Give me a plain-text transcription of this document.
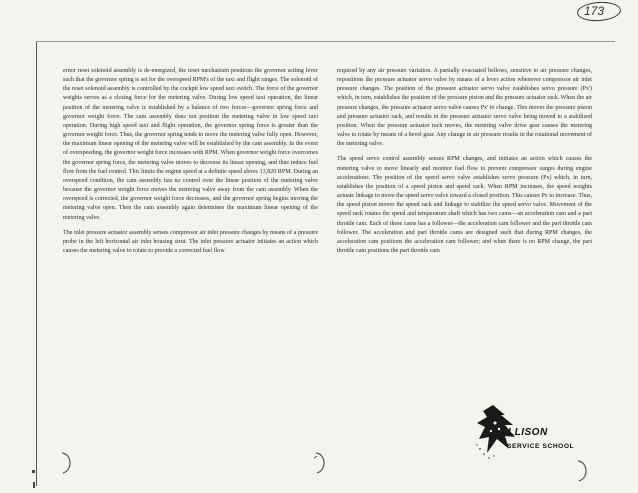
173

ernor reset solenoid assembly is de-energized, the reset mechanism positions the governor setting lever such that the governor spring is set for the overspeed RPM's of the taxi and flight ranges. The solenoid of the reset solenoid assembly is controlled by the cockpit low speed taxi switch. The force of the governor weights serves as a closing force for the metering valve. During low speed taxi operation, the linear position of the metering valve is established by a balance of two forces—governor spring force and governor weight force. The cam assembly does not position the metering valve in low speed taxi operation. During high speed taxi and flight operation, the governor spring force is greater than the governor weight force. Thus, the governor spring tends to move the metering valve fully open. However, the maximum linear opening of the metering valve will be established by the cam assembly. In the event of overspeeding, the governor weight force increases with RPM. When governor weight force overcomes the governor spring force, the metering valve moves to decrease its linear opening, and thus reduce fuel flow from the fuel control. This limits the engine speed at a definite speed above 13,820 RPM. During an overspeed condition, the cam assembly has no control over the linear position of the metering valve because the governor weight force moves the metering valve away from the cam assembly. When the overspeed is corrected, the governor weight force decreases, and the governor spring begins moving the metering valve open. Then the cam assembly again determines the maximum linear opening of the metering valve.

The inlet pressure actuator assembly senses compressor air inlet pressure changes by means of a pressure probe in the left horizontal air inlet housing strut. The inlet pressure actuator initiates an action which causes the metering valve to rotate to provide a corrected fuel flow

required by any air pressure variation. A partially evacuated bellows, sensitive to air pressure changes, repositions the pressure actuator servo valve by means of a lever action whenever compressor air inlet pressure changes. The position of the pressure actuator servo valve establishes servo pressure (Px') which, in turn, establishes the position of the pressure piston and the pressure actuator rack. When the air pressure changes, the pressure actuator servo valve causes Px' to change. This moves the pressure piston and pressure actuator rack, and results in the pressure actuator servo valve being moved to a stabilized position. When the pressure actuator rack moves, the metering valve drive gear causes the metering valve to rotate by means of a bevel gear. Any change in air pressure results in the rotational movement of the metering valve.

The speed servo control assembly senses RPM changes, and initiates an action which causes the metering valve to move linearly and monitor fuel flow to prevent compressor surges during engine accelerations. The position of the speed servo valve establishes servo pressure (Px) which, in turn, establishes the position of a speed piston and speed rack. When RPM increases, the speed weights actuate linkage to move the speed servo valve toward a closed position. This causes Px to increase. Thus, the speed piston moves the speed rack and linkage to stabilize the speed servo valve. Movement of the speed rack rotates the speed and temperature shaft which has two cams—an acceleration cam and a part throttle cam. Each of these cams has a follower—the acceleration cam follower and the part throttle cam follower. The acceleration and part throttle cams are designed such that during RPM changes, the acceleration cam positions the acceleration cam follower; and when there is no RPM change, the part throttle cam positions the part throttle cam

LLISON
SERVICE SCHOOL
